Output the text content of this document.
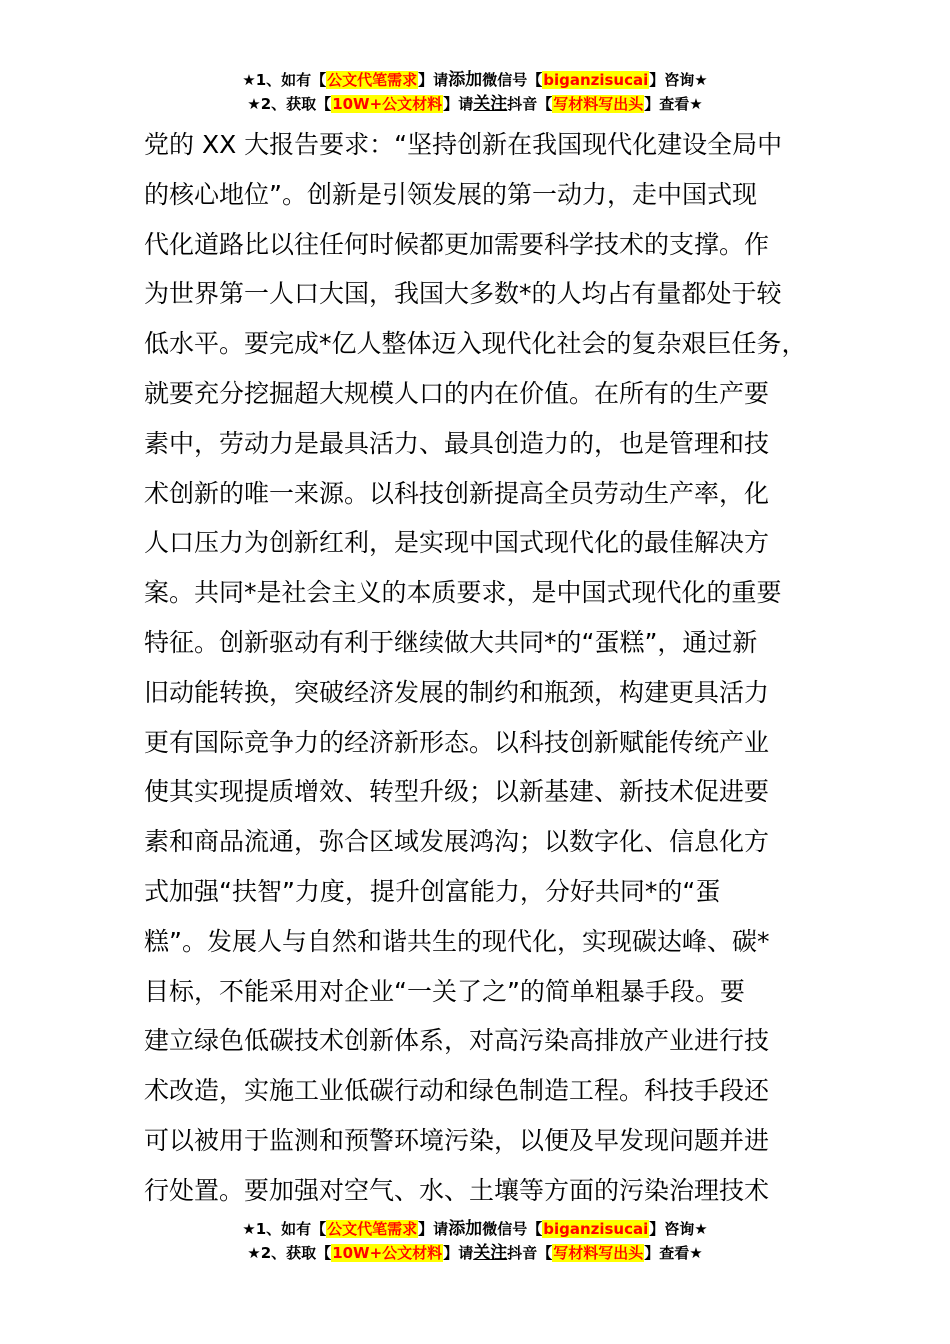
★1、如有【公文代笔需求】请添加微信号【biganzisucai】咨询★
★2、获取【10W+公文材料】请关注抖音【写材料写出头】查看★
党的 XX 大报告要求：“坚持创新在我国现代化建设全局中
的核心地位”。创新是引领发展的第一动力，走中国式现
代化道路比以往任何时候都更加需要科学技术的支撑。作
为世界第一人口大国，我国大多数*的人均占有量都处于较
低水平。要完成*亿人整体迈入现代化社会的复杂艰巨任务，
就要充分挖掘超大规模人口的内在价值。在所有的生产要
素中，劳动力是最具活力、最具创造力的，也是管理和技
术创新的唯一来源。以科技创新提高全员劳动生产率，化
人口压力为创新红利，是实现中国式现代化的最佳解决方
案。共同*是社会主义的本质要求，是中国式现代化的重要
特征。创新驱动有利于继续做大共同*的“蛋糕”，通过新
旧动能转换，突破经济发展的制约和瓶颈，构建更具活力
更有国际竞争力的经济新形态。以科技创新赋能传统产业
使其实现提质增效、转型升级；以新基建、新技术促进要
素和商品流通，弥合区域发展鸿沟；以数字化、信息化方
式加强“扶智”力度，提升创富能力，分好共同*的“蛋
糕”。发展人与自然和谐共生的现代化，实现碳达峰、碳*
目标，不能采用对企业“一关了之”的简单粗暴手段。要
建立绿色低碳技术创新体系，对高污染高排放产业进行技
术改造，实施工业低碳行动和绿色制造工程。科技手段还
可以被用于监测和预警环境污染，以便及早发现问题并进
行处置。要加强对空气、水、土壤等方面的污染治理技术
★1、如有【公文代笔需求】请添加微信号【biganzisucai】咨询★
★2、获取【10W+公文材料】请关注抖音【写材料写出头】查看★
